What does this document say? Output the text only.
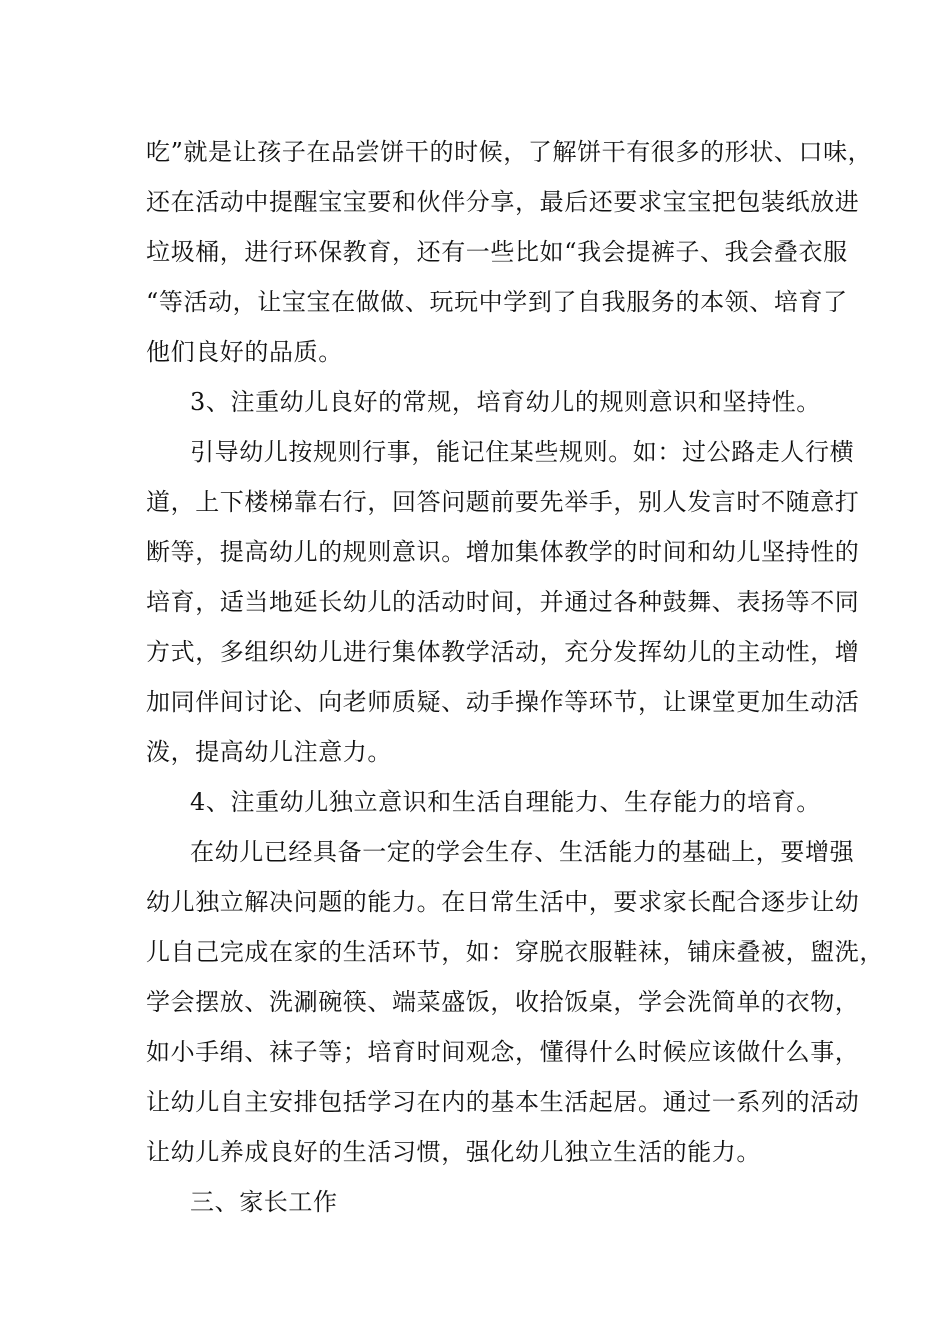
吃”就是让孩子在品尝饼干的时候，了解饼干有很多的形状、口味，
还在活动中提醒宝宝要和伙伴分享，最后还要求宝宝把包装纸放进
垃圾桶，进行环保教育，还有一些比如“我会提裤子、我会叠衣服
“等活动，让宝宝在做做、玩玩中学到了自我服务的本领、培育了
他们良好的品质。
3、注重幼儿良好的常规，培育幼儿的规则意识和坚持性。
引导幼儿按规则行事，能记住某些规则。如：过公路走人行横
道，上下楼梯靠右行，回答问题前要先举手，别人发言时不随意打
断等，提高幼儿的规则意识。增加集体教学的时间和幼儿坚持性的
培育，适当地延长幼儿的活动时间，并通过各种鼓舞、表扬等不同
方式，多组织幼儿进行集体教学活动，充分发挥幼儿的主动性，增
加同伴间讨论、向老师质疑、动手操作等环节，让课堂更加生动活
泼，提高幼儿注意力。
4、注重幼儿独立意识和生活自理能力、生存能力的培育。
在幼儿已经具备一定的学会生存、生活能力的基础上，要增强
幼儿独立解决问题的能力。在日常生活中，要求家长配合逐步让幼
儿自己完成在家的生活环节，如：穿脱衣服鞋袜，铺床叠被，盥洗，
学会摆放、洗涮碗筷、端菜盛饭，收拾饭桌，学会洗简单的衣物，
如小手绢、袜子等；培育时间观念，懂得什么时候应该做什么事，
让幼儿自主安排包括学习在内的基本生活起居。通过一系列的活动
让幼儿养成良好的生活习惯，强化幼儿独立生活的能力。
三、家长工作
